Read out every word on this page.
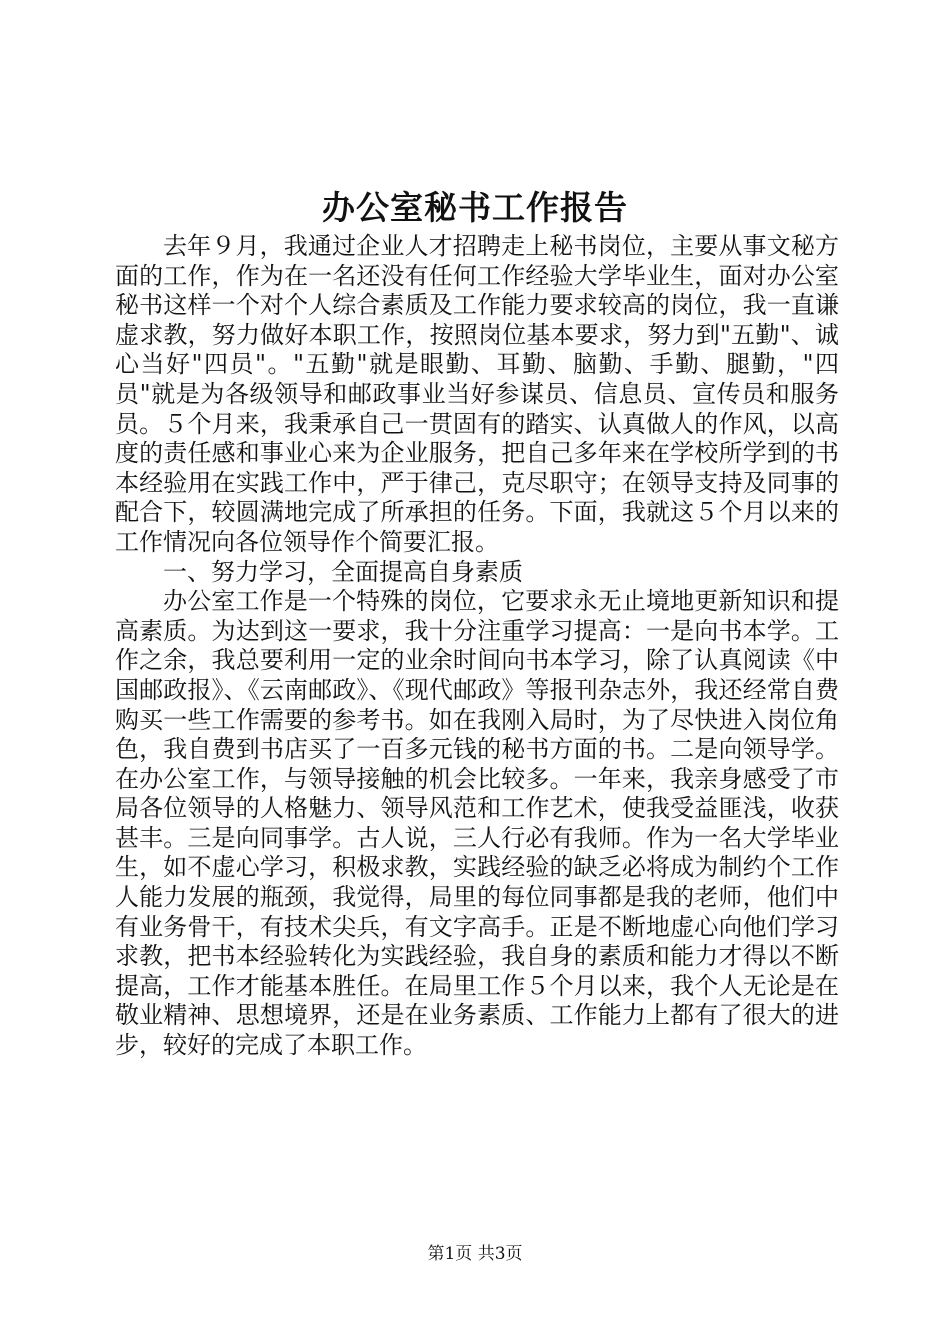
办公室秘书工作报告

去年９月，我通过企业人才招聘走上秘书岗位，主要从事文秘方面的工作，作为在一名还没有任何工作经验大学毕业生，面对办公室秘书这样一个对个人综合素质及工作能力要求较高的岗位，我一直谦虚求教，努力做好本职工作，按照岗位基本要求，努力到"五勤"、诚心当好"四员"。"五勤"就是眼勤、耳勤、脑勤、手勤、腿勤，"四员"就是为各级领导和邮政事业当好参谋员、信息员、宣传员和服务员。５个月来，我秉承自己一贯固有的踏实、认真做人的作风，以高度的责任感和事业心来为企业服务，把自己多年来在学校所学到的书本经验用在实践工作中，严于律己，克尽职守；在领导支持及同事的配合下，较圆满地完成了所承担的任务。下面，我就这５个月以来的工作情况向各位领导作个简要汇报。

一、努力学习，全面提高自身素质

办公室工作是一个特殊的岗位，它要求永无止境地更新知识和提高素质。为达到这一要求，我十分注重学习提高：一是向书本学。工作之余，我总要利用一定的业余时间向书本学习，除了认真阅读《中国邮政报》、《云南邮政》、《现代邮政》等报刊杂志外，我还经常自费购买一些工作需要的参考书。如在我刚入局时，为了尽快进入岗位角色，我自费到书店买了一百多元钱的秘书方面的书。二是向领导学。在办公室工作，与领导接触的机会比较多。一年来，我亲身感受了市局各位领导的人格魅力、领导风范和工作艺术，使我受益匪浅，收获甚丰。三是向同事学。古人说，三人行必有我师。作为一名大学毕业生，如不虚心学习，积极求教，实践经验的缺乏必将成为制约个工作人能力发展的瓶颈，我觉得，局里的每位同事都是我的老师，他们中有业务骨干，有技术尖兵，有文字高手。正是不断地虚心向他们学习求教，把书本经验转化为实践经验，我自身的素质和能力才得以不断提高，工作才能基本胜任。在局里工作５个月以来，我个人无论是在敬业精神、思想境界，还是在业务素质、工作能力上都有了很大的进步，较好的完成了本职工作。

第1页 共3页
